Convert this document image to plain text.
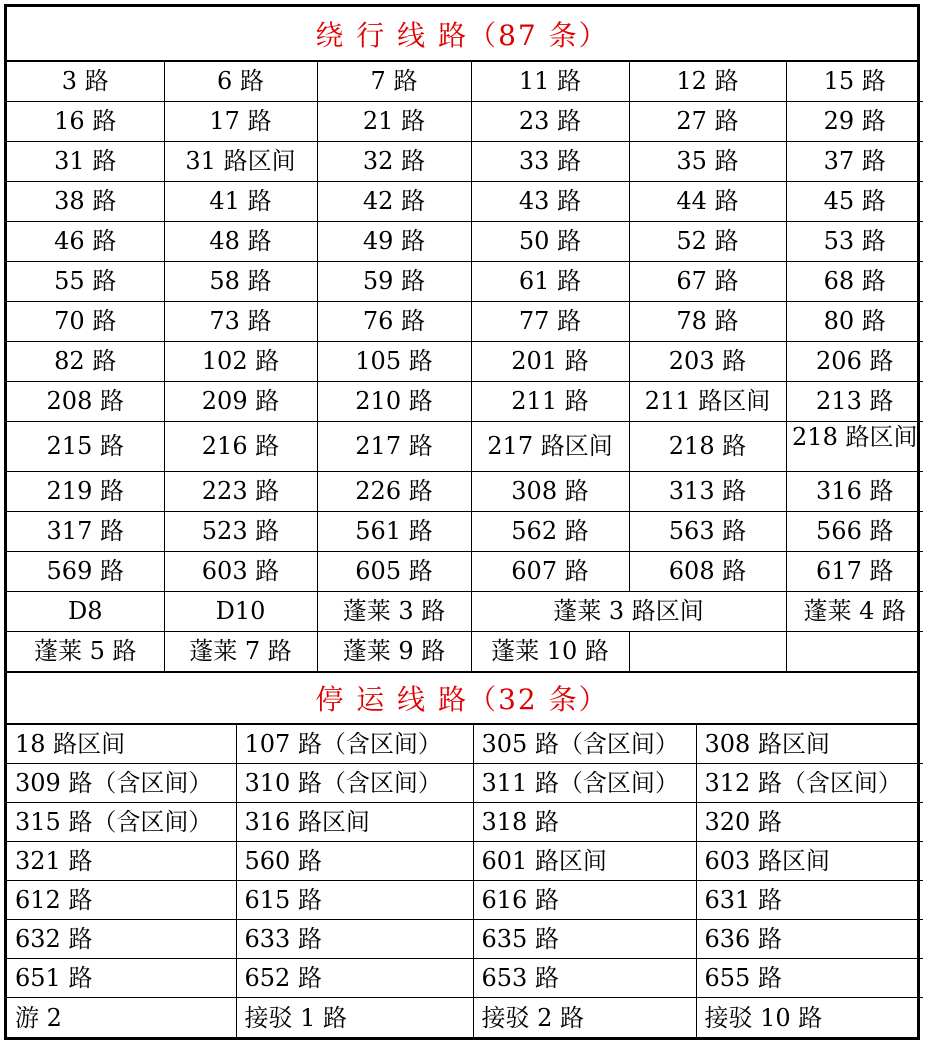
绕 行 线 路（87 条）
3 路	6 路	7 路	11 路	12 路	15 路
16 路	17 路	21 路	23 路	27 路	29 路
31 路	31 路区间	32 路	33 路	35 路	37 路
38 路	41 路	42 路	43 路	44 路	45 路
46 路	48 路	49 路	50 路	52 路	53 路
55 路	58 路	59 路	61 路	67 路	68 路
70 路	73 路	76 路	77 路	78 路	80 路
82 路	102 路	105 路	201 路	203 路	206 路
208 路	209 路	210 路	211 路	211 路区间	213 路
215 路	216 路	217 路	217 路区间	218 路	218 路区间
219 路	223 路	226 路	308 路	313 路	316 路
317 路	523 路	561 路	562 路	563 路	566 路
569 路	603 路	605 路	607 路	608 路	617 路
D8	D10	蓬莱 3 路	蓬莱 3 路区间		蓬莱 4 路
蓬莱 5 路	蓬莱 7 路	蓬莱 9 路	蓬莱 10 路		
停 运 线 路（32 条）
18 路区间	107 路（含区间）	305 路（含区间）	308 路区间
309 路（含区间）	310 路（含区间）	311 路（含区间）	312 路（含区间）
315 路（含区间）	316 路区间	318 路	320 路
321 路	560 路	601 路区间	603 路区间
612 路	615 路	616 路	631 路
632 路	633 路	635 路	636 路
651 路	652 路	653 路	655 路
游 2	接驳 1 路	接驳 2 路	接驳 10 路
